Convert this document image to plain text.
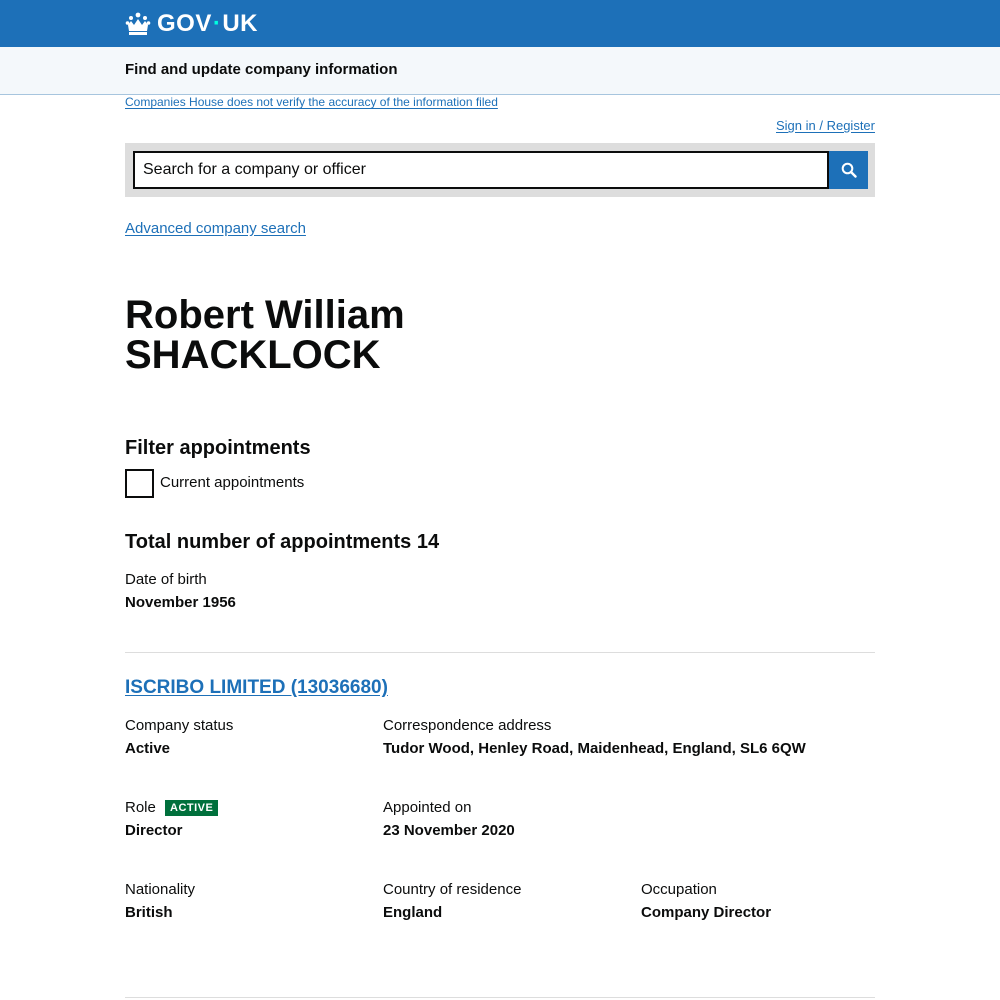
GOV · UK
Find and update company information
Companies House does not verify the accuracy of the information filed
Sign in / Register
Search for a company or officer
Advanced company search
Robert William SHACKLOCK
Filter appointments
Current appointments
Total number of appointments 14
Date of birth
November 1956
ISCRIBO LIMITED (13036680)
Company status
Active
Correspondence address
Tudor Wood, Henley Road, Maidenhead, England, SL6 6QW
Role	ACTIVE
Director
Appointed on
23 November 2020
Nationality
British
Country of residence
England
Occupation
Company Director
